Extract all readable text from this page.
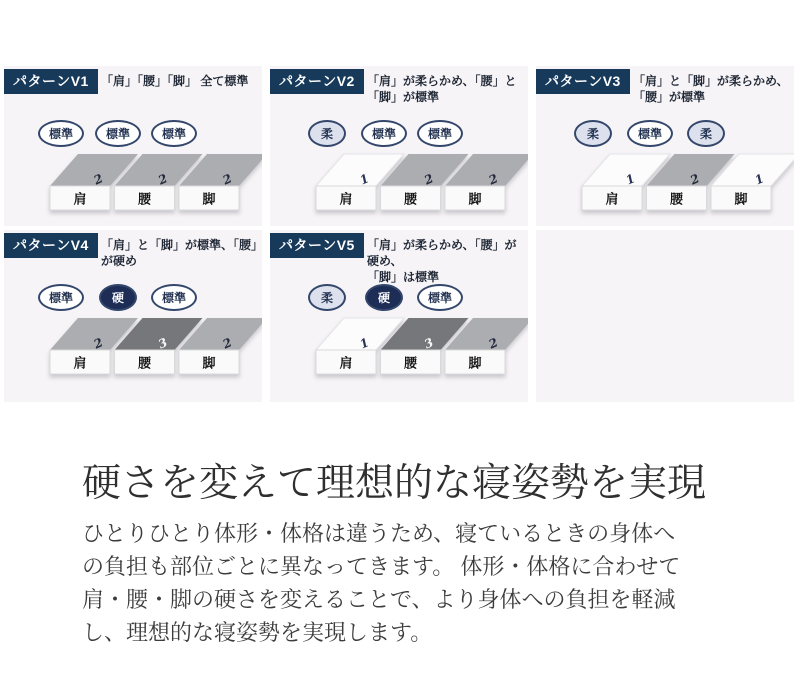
パターンV1	「肩」「腰」「脚」 全て標準
標準	標準	標準
肩
2
腰
2
脚
2
パターンV2	「肩」が柔らかめ、「腰」と「脚」が標準
柔	標準	標準
肩
1
腰
2
脚
2
パターンV3	「肩」と「脚」が柔らかめ、「腰」が標準
柔	標準	柔
肩
1
腰
2
脚
1
パターンV4	「肩」と「脚」が標準、「腰」が硬め
標準	硬	標準
肩
2
腰
3
脚
2
パターンV5	「肩」が柔らかめ、「腰」が硬め、
「脚」は標準
柔	硬	標準
肩
1
腰
3
脚
2
硬さを変えて理想的な寝姿勢を実現
ひとりひとり体形・体格は違うため、寝ているときの身体へ
の負担も部位ごとに異なってきます。 体形・体格に合わせて
肩・腰・脚の硬さを変えることで、より身体への負担を軽減
し、理想的な寝姿勢を実現します。
